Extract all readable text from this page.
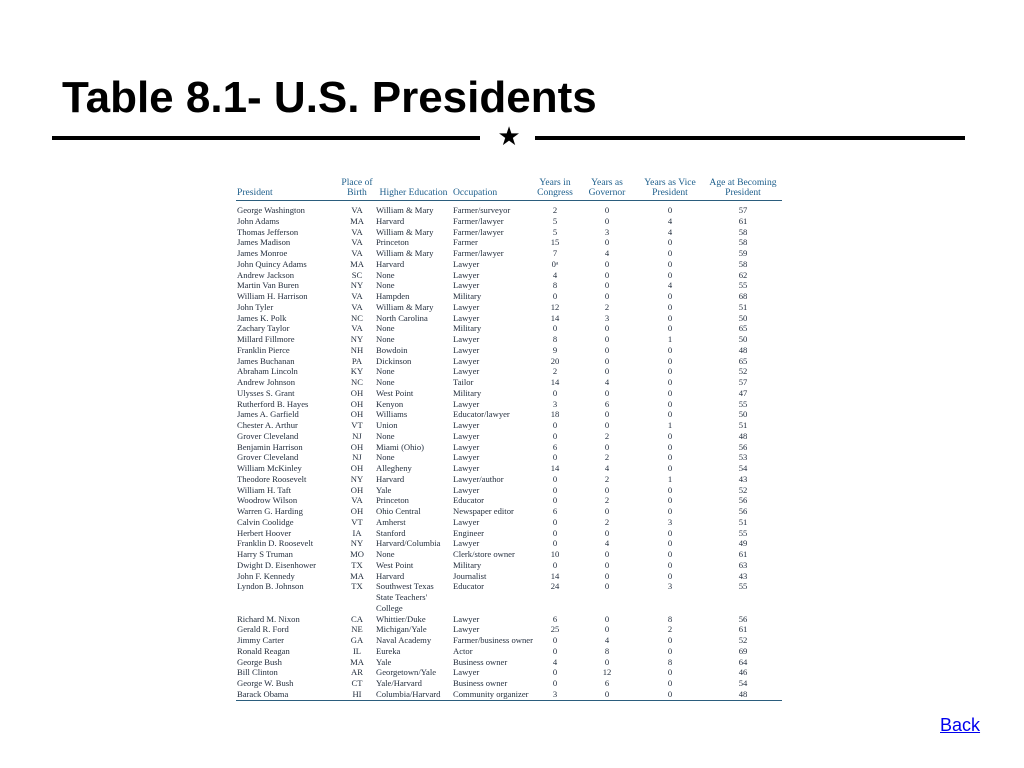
Table 8.1- U.S. Presidents
★
President	Place of Birth	Higher Education	Occupation	Years in Congress	Years as Governor	Years as Vice President	Age at Becoming President
George Washington	VA	William & Mary	Farmer/surveyor	2	0	0	57
John Adams	MA	Harvard	Farmer/lawyer	5	0	4	61
Thomas Jefferson	VA	William & Mary	Farmer/lawyer	5	3	4	58
James Madison	VA	Princeton	Farmer	15	0	0	58
James Monroe	VA	William & Mary	Farmer/lawyer	7	4	0	59
John Quincy Adams	MA	Harvard	Lawyer	0ᵃ	0	0	58
Andrew Jackson	SC	None	Lawyer	4	0	0	62
Martin Van Buren	NY	None	Lawyer	8	0	4	55
William H. Harrison	VA	Hampden	Military	0	0	0	68
John Tyler	VA	William & Mary	Lawyer	12	2	0	51
James K. Polk	NC	North Carolina	Lawyer	14	3	0	50
Zachary Taylor	VA	None	Military	0	0	0	65
Millard Fillmore	NY	None	Lawyer	8	0	1	50
Franklin Pierce	NH	Bowdoin	Lawyer	9	0	0	48
James Buchanan	PA	Dickinson	Lawyer	20	0	0	65
Abraham Lincoln	KY	None	Lawyer	2	0	0	52
Andrew Johnson	NC	None	Tailor	14	4	0	57
Ulysses S. Grant	OH	West Point	Military	0	0	0	47
Rutherford B. Hayes	OH	Kenyon	Lawyer	3	6	0	55
James A. Garfield	OH	Williams	Educator/lawyer	18	0	0	50
Chester A. Arthur	VT	Union	Lawyer	0	0	1	51
Grover Cleveland	NJ	None	Lawyer	0	2	0	48
Benjamin Harrison	OH	Miami (Ohio)	Lawyer	6	0	0	56
Grover Cleveland	NJ	None	Lawyer	0	2	0	53
William McKinley	OH	Allegheny	Lawyer	14	4	0	54
Theodore Roosevelt	NY	Harvard	Lawyer/author	0	2	1	43
William H. Taft	OH	Yale	Lawyer	0	0	0	52
Woodrow Wilson	VA	Princeton	Educator	0	2	0	56
Warren G. Harding	OH	Ohio Central	Newspaper editor	6	0	0	56
Calvin Coolidge	VT	Amherst	Lawyer	0	2	3	51
Herbert Hoover	IA	Stanford	Engineer	0	0	0	55
Franklin D. Roosevelt	NY	Harvard/Columbia	Lawyer	0	4	0	49
Harry S Truman	MO	None	Clerk/store owner	10	0	0	61
Dwight D. Eisenhower	TX	West Point	Military	0	0	0	63
John F. Kennedy	MA	Harvard	Journalist	14	0	0	43
Lyndon B. Johnson	TX	Southwest Texas State Teachers' College	Educator	24	0	3	55
Richard M. Nixon	CA	Whittier/Duke	Lawyer	6	0	8	56
Gerald R. Ford	NE	Michigan/Yale	Lawyer	25	0	2	61
Jimmy Carter	GA	Naval Academy	Farmer/business owner	0	4	0	52
Ronald Reagan	IL	Eureka	Actor	0	8	0	69
George Bush	MA	Yale	Business owner	4	0	8	64
Bill Clinton	AR	Georgetown/Yale	Lawyer	0	12	0	46
George W. Bush	CT	Yale/Harvard	Business owner	0	6	0	54
Barack Obama	HI	Columbia/Harvard	Community organizer	3	0	0	48
Back
